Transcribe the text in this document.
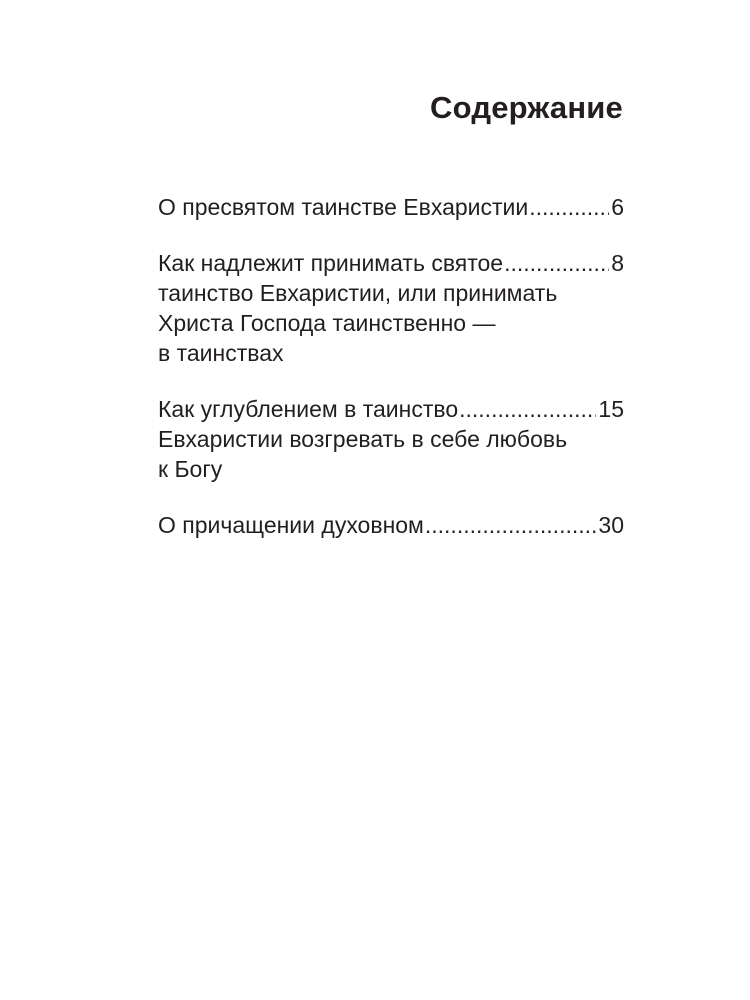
Содержание
О пресвятом таинстве Евхаристии .....	6
Как надлежит принимать святое .....	8
таинство Евхаристии, или принимать
Христа Господа таинственно —
в таинствах
Как углублением в таинство .....	15
Евхаристии возгревать в себе любовь
к Богу
О причащении духовном .....	30
